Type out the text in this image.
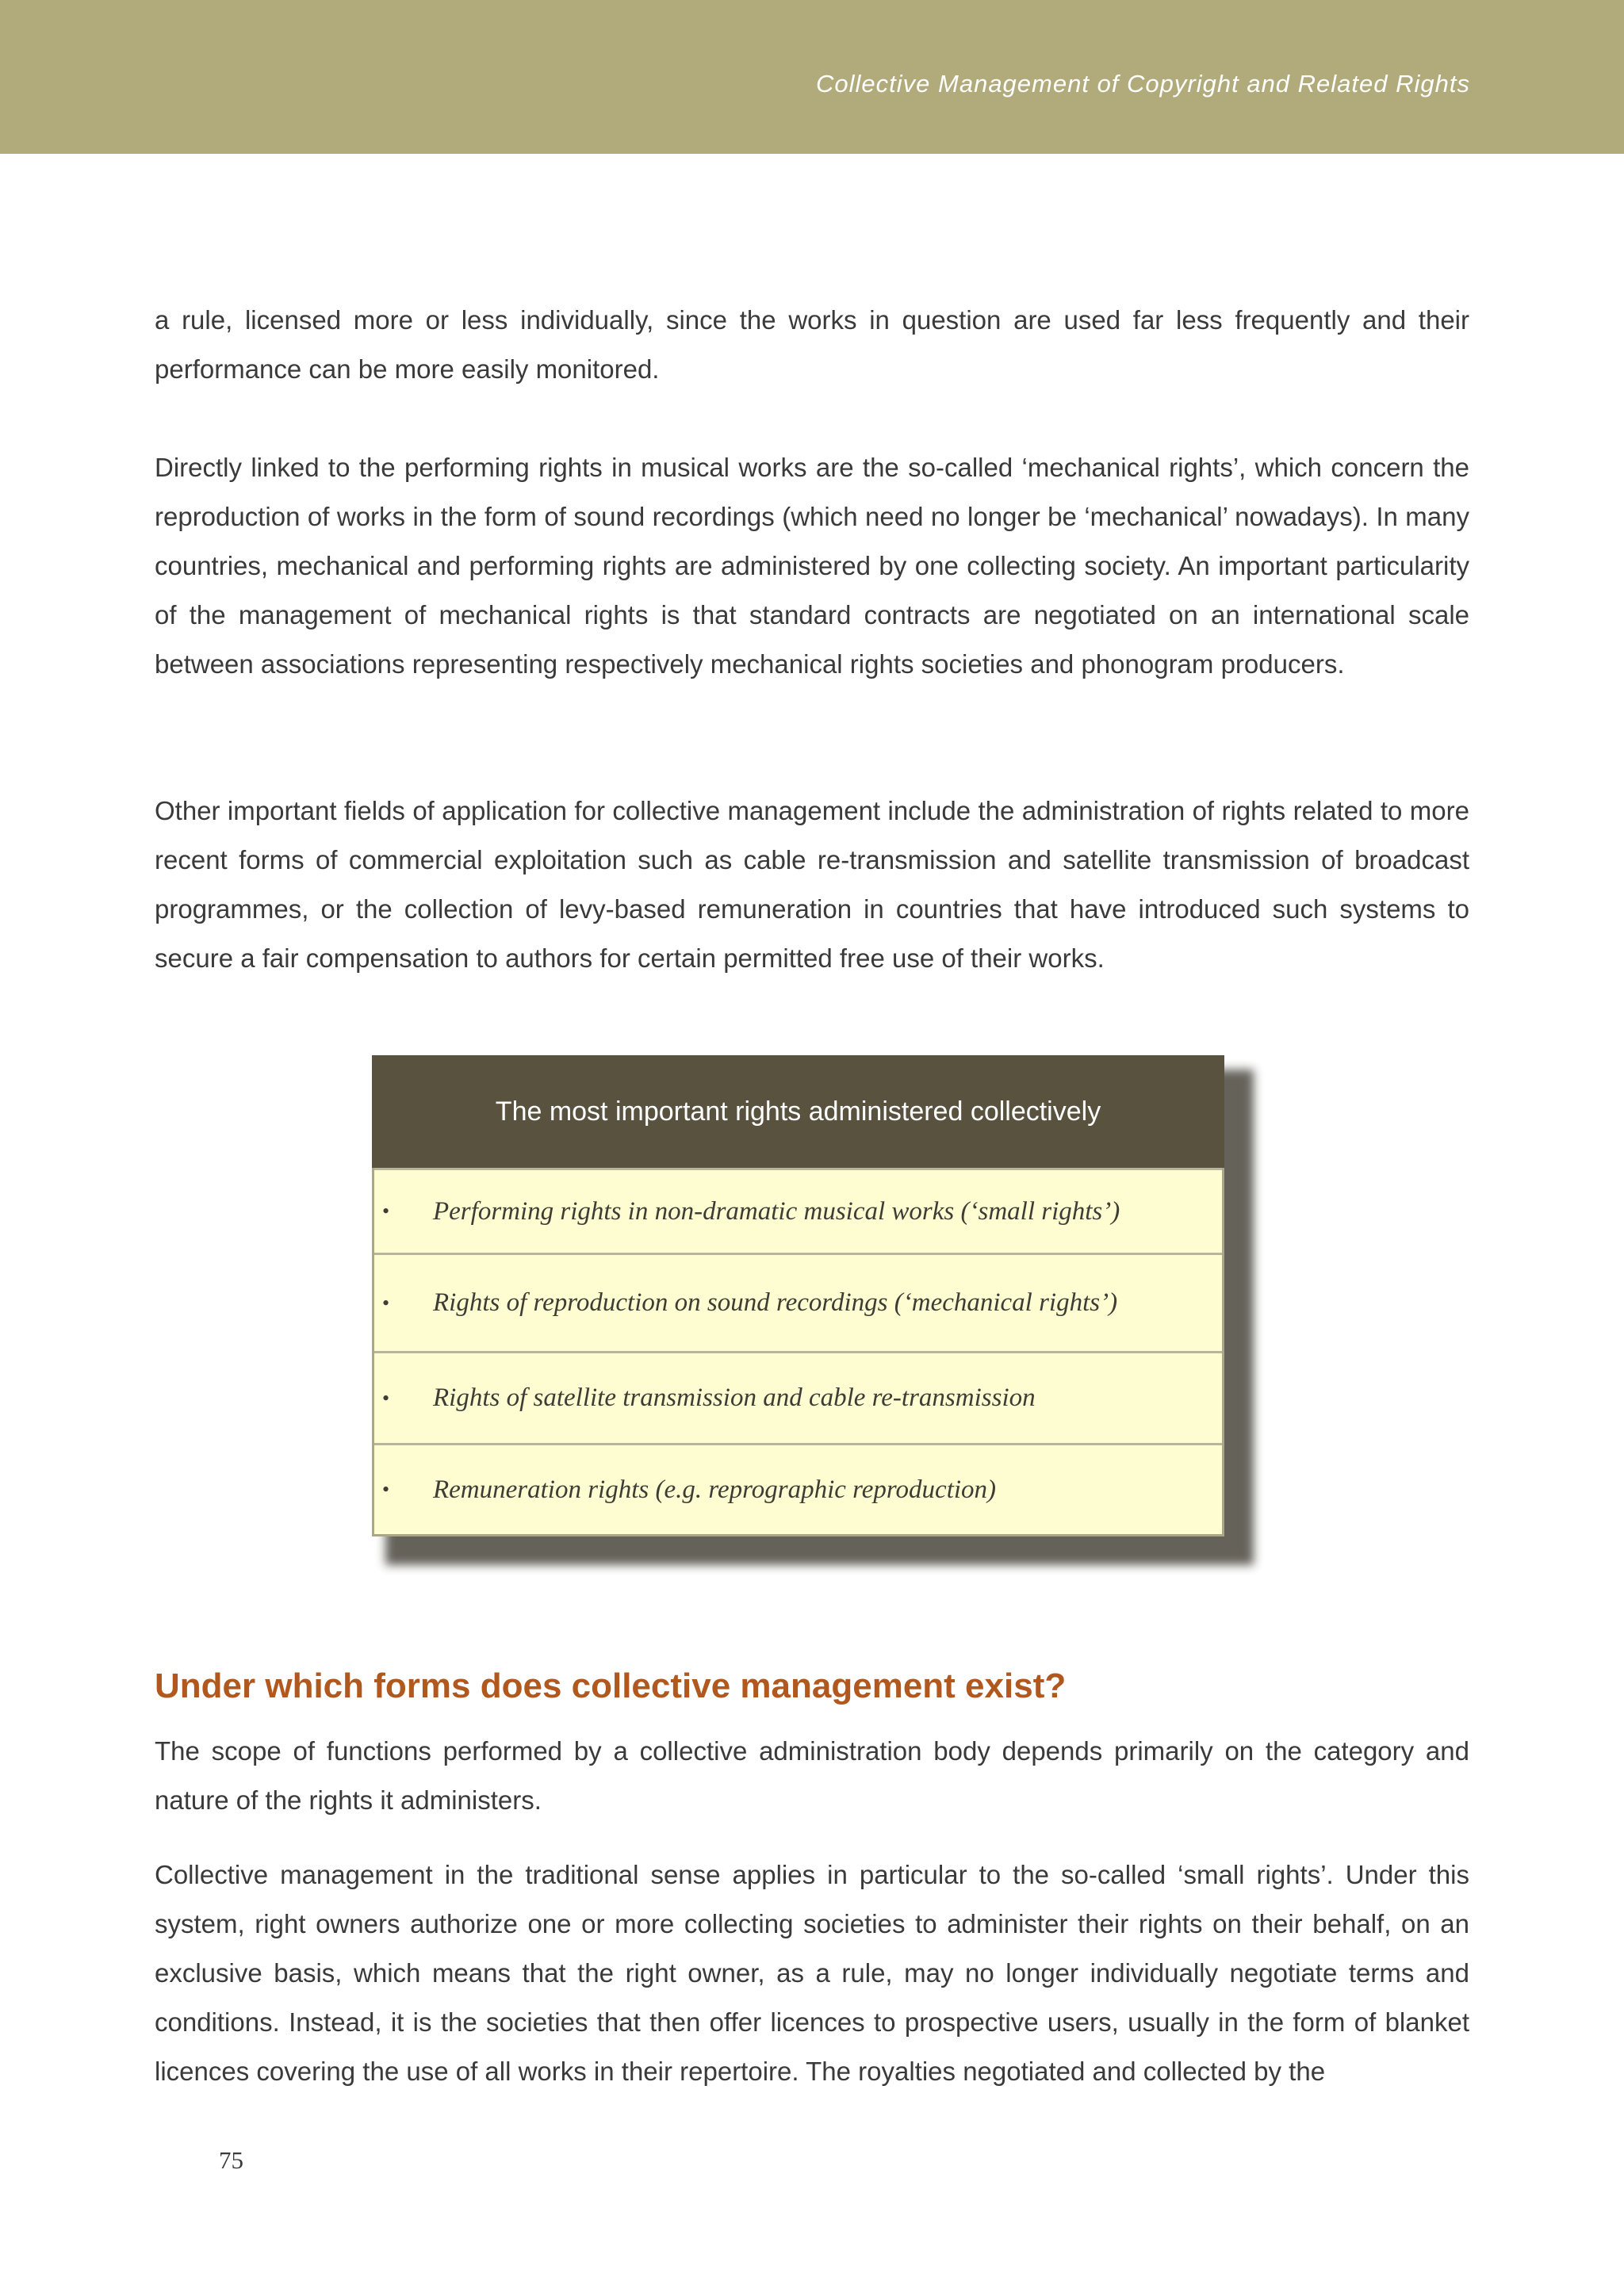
Collective Management of Copyright and Related Rights

a rule, licensed more or less individually, since the works in question are used far less frequently and their performance can be more easily monitored.

Directly linked to the performing rights in musical works are the so-called ‘mechanical rights’, which concern the reproduction of works in the form of sound recordings (which need no longer be ‘mechanical’ nowadays). In many countries, mechanical and performing rights are administered by one collecting society. An important particularity of the management of mechanical rights is that standard contracts are negotiated on an international scale between associations representing respectively mechanical rights societies and phonogram producers.

Other important fields of application for collective management include the administration of rights related to more recent forms of commercial exploitation such as cable re-transmission and satellite transmission of broadcast programmes, or the collection of levy-based remuneration in countries that have introduced such systems to secure a fair compensation to authors for certain permitted free use of their works.

The most important rights administered collectively
• Performing rights in non-dramatic musical works (‘small rights’)
• Rights of reproduction on sound recordings (‘mechanical rights’)
• Rights of satellite transmission and cable re-transmission
• Remuneration rights (e.g. reprographic reproduction)
Under which forms does collective management exist?

The scope of functions performed by a collective administration body depends primarily on the category and nature of the rights it administers.

Collective management in the traditional sense applies in particular to the so-called ‘small rights’. Under this system, right owners authorize one or more collecting societies to administer their rights on their behalf, on an exclusive basis, which means that the right owner, as a rule, may no longer individually negotiate terms and conditions. Instead, it is the societies that then offer licences to prospective users, usually in the form of blanket licences covering the use of all works in their repertoire. The royalties negotiated and collected by the

75
